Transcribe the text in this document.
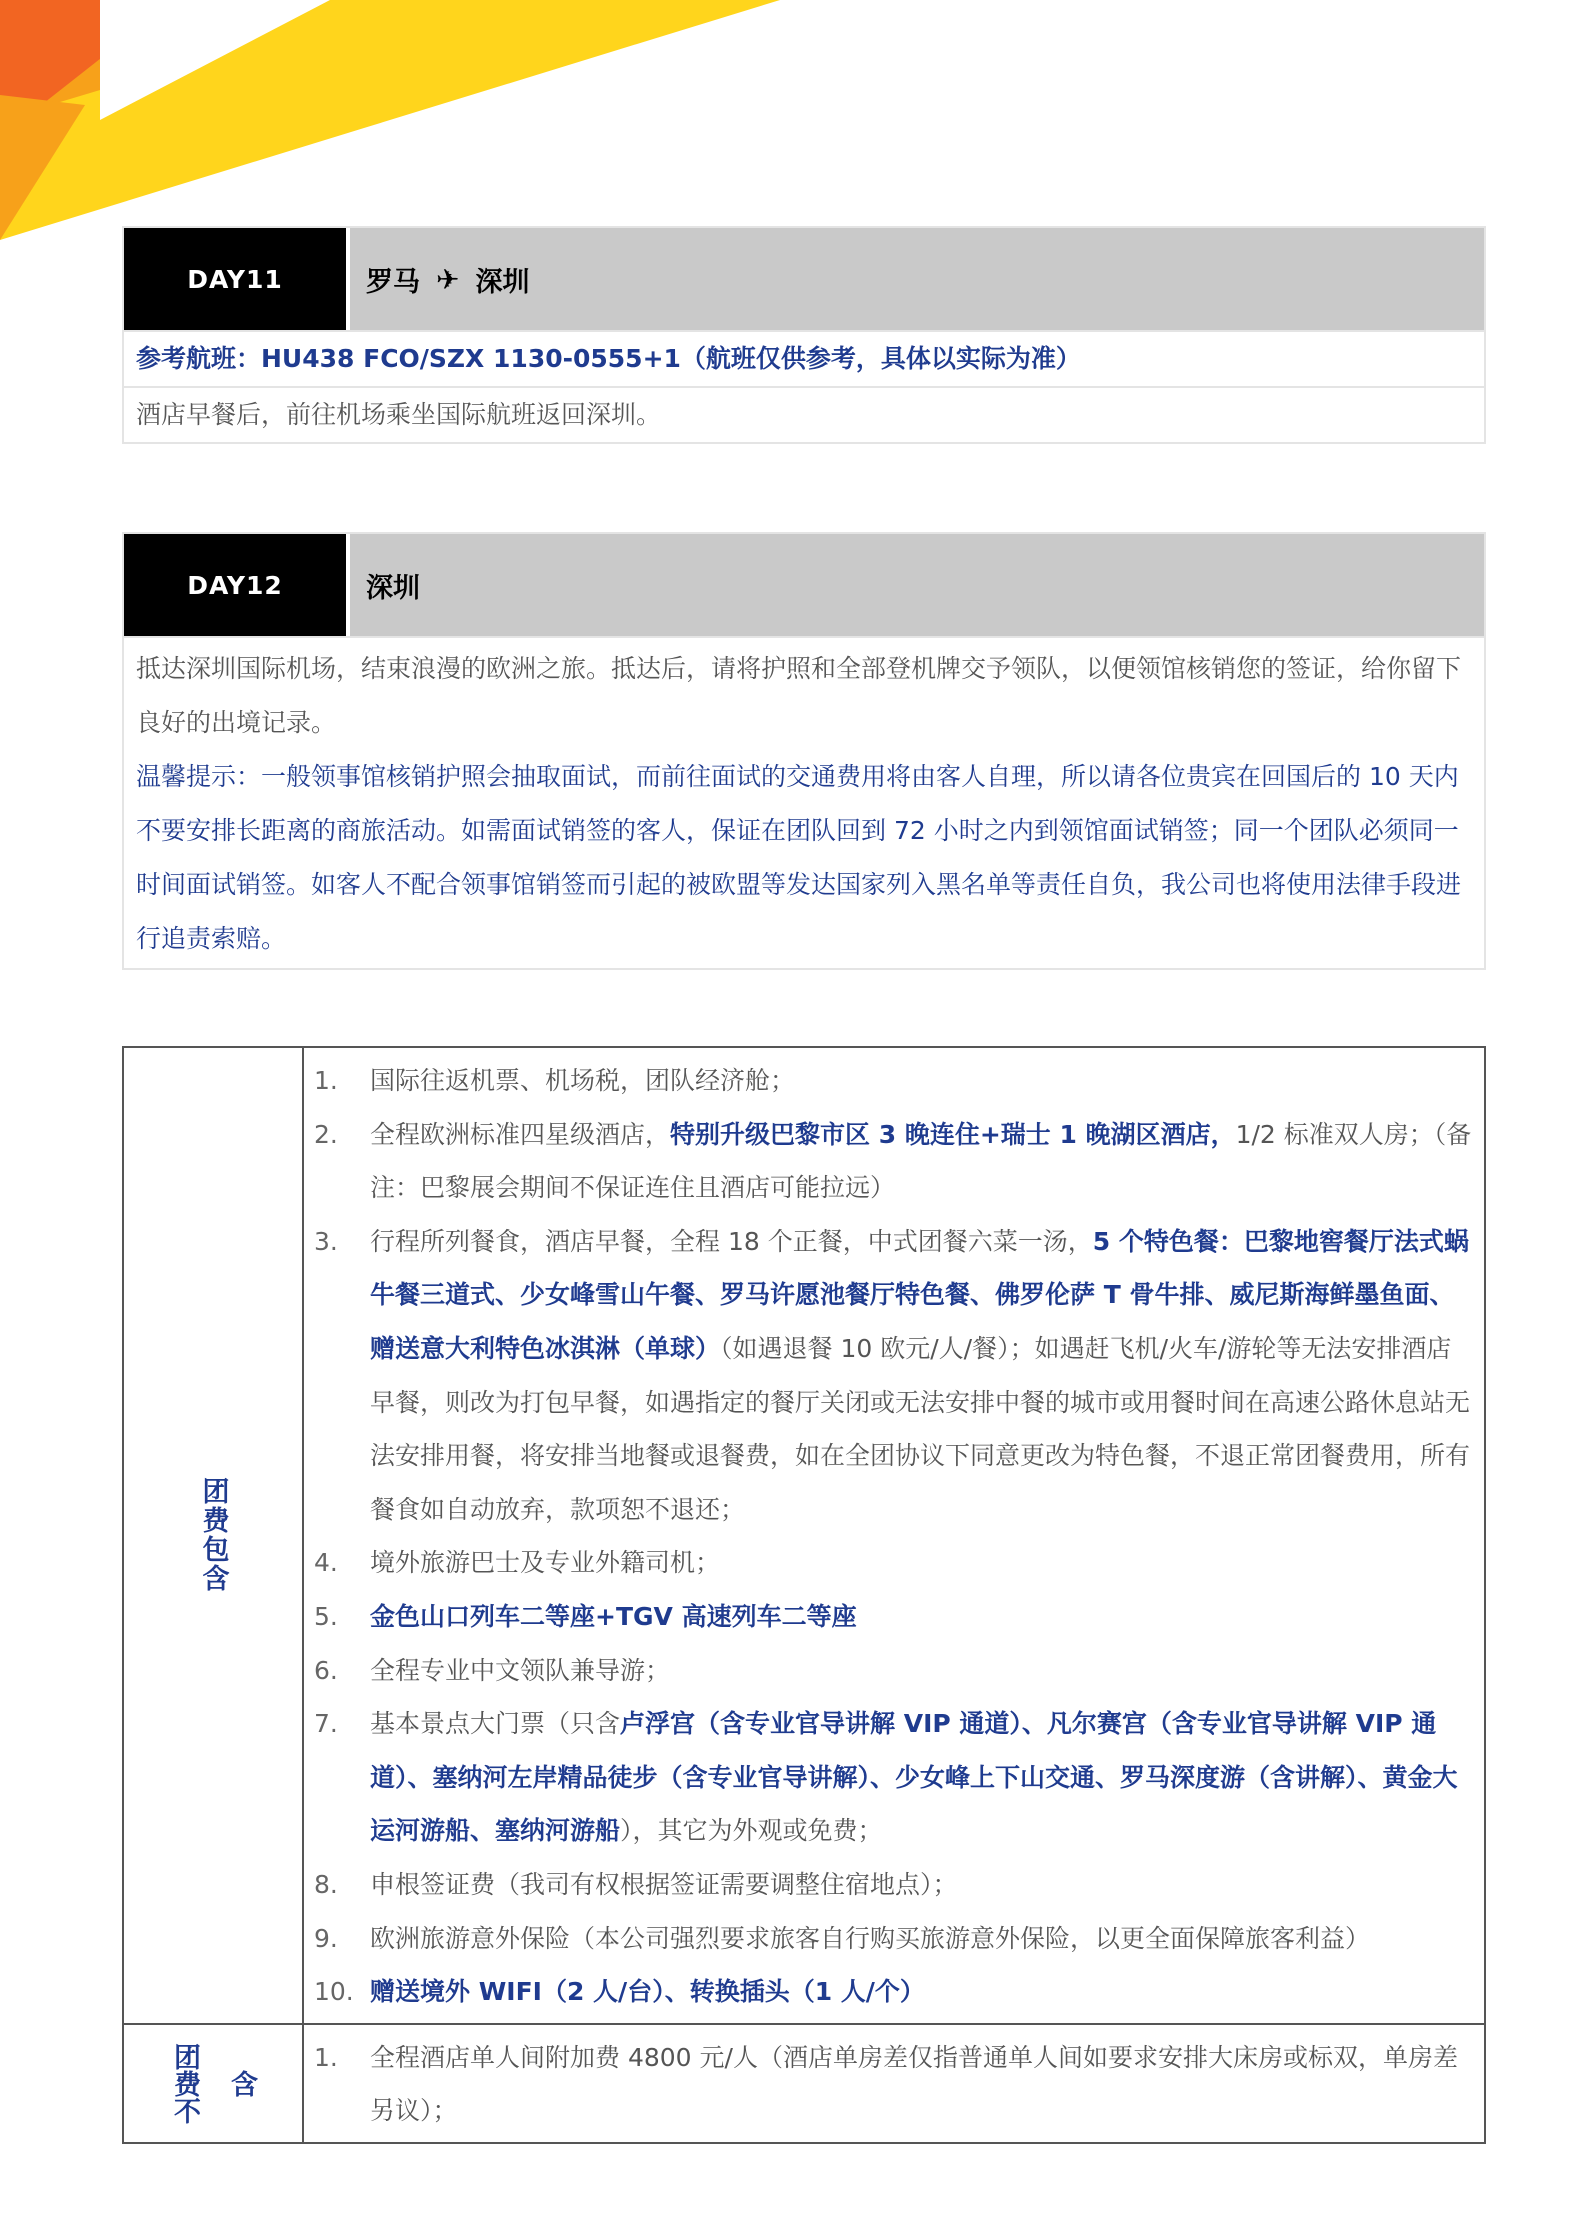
DAY11	罗马 ✈ 深圳
参考航班：HU438 FCO/SZX 1130-0555+1（航班仅供参考，具体以实际为准）
酒店早餐后，前往机场乘坐国际航班返回深圳。
DAY12	深圳
抵达深圳国际机场，结束浪漫的欧洲之旅。抵达后，请将护照和全部登机牌交予领队，以便领馆核销您的签证，给你留下良好的出境记录。
温馨提示：一般领事馆核销护照会抽取面试，而前往面试的交通费用将由客人自理，所以请各位贵宾在回国后的 10 天内不要安排长距离的商旅活动。如需面试销签的客人，保证在团队回到 72 小时之内到领馆面试销签；同一个团队必须同一时间面试销签。如客人不配合领事馆销签而引起的被欧盟等发达国家列入黑名单等责任自负，我公司也将使用法律手段进行追责索赔。
团费包含
1.	国际往返机票、机场税，团队经济舱；
2.	全程欧洲标准四星级酒店，特别升级巴黎市区 3 晚连住+瑞士 1 晚湖区酒店，1/2 标准双人房；（备注：巴黎展会期间不保证连住且酒店可能拉远）
3.	行程所列餐食，酒店早餐，全程 18 个正餐，中式团餐六菜一汤，5 个特色餐：巴黎地窖餐厅法式蜗牛餐三道式、少女峰雪山午餐、罗马许愿池餐厅特色餐、佛罗伦萨 T 骨牛排、威尼斯海鲜墨鱼面、赠送意大利特色冰淇淋（单球）（如遇退餐 10 欧元/人/餐）；如遇赶飞机/火车/游轮等无法安排酒店早餐，则改为打包早餐，如遇指定的餐厅关闭或无法安排中餐的城市或用餐时间在高速公路休息站无法安排用餐，将安排当地餐或退餐费，如在全团协议下同意更改为特色餐，不退正常团餐费用，所有餐食如自动放弃，款项恕不退还；
4.	境外旅游巴士及专业外籍司机；
5.	金色山口列车二等座+TGV 高速列车二等座
6.	全程专业中文领队兼导游；
7.	基本景点大门票（只含卢浮宫（含专业官导讲解 VIP 通道）、凡尔赛宫（含专业官导讲解 VIP 通道）、塞纳河左岸精品徒步（含专业官导讲解）、少女峰上下山交通、罗马深度游（含讲解）、黄金大运河游船、塞纳河游船），其它为外观或免费；
8.	申根签证费（我司有权根据签证需要调整住宿地点）；
9.	欧洲旅游意外保险（本公司强烈要求旅客自行购买旅游意外保险，以更全面保障旅客利益）
10. 赠送境外 WIFI（2 人/台）、转换插头（1 人/个）
团费不 含
1.	全程酒店单人间附加费 4800 元/人（酒店单房差仅指普通单人间如要求安排大床房或标双，单房差另议）；
